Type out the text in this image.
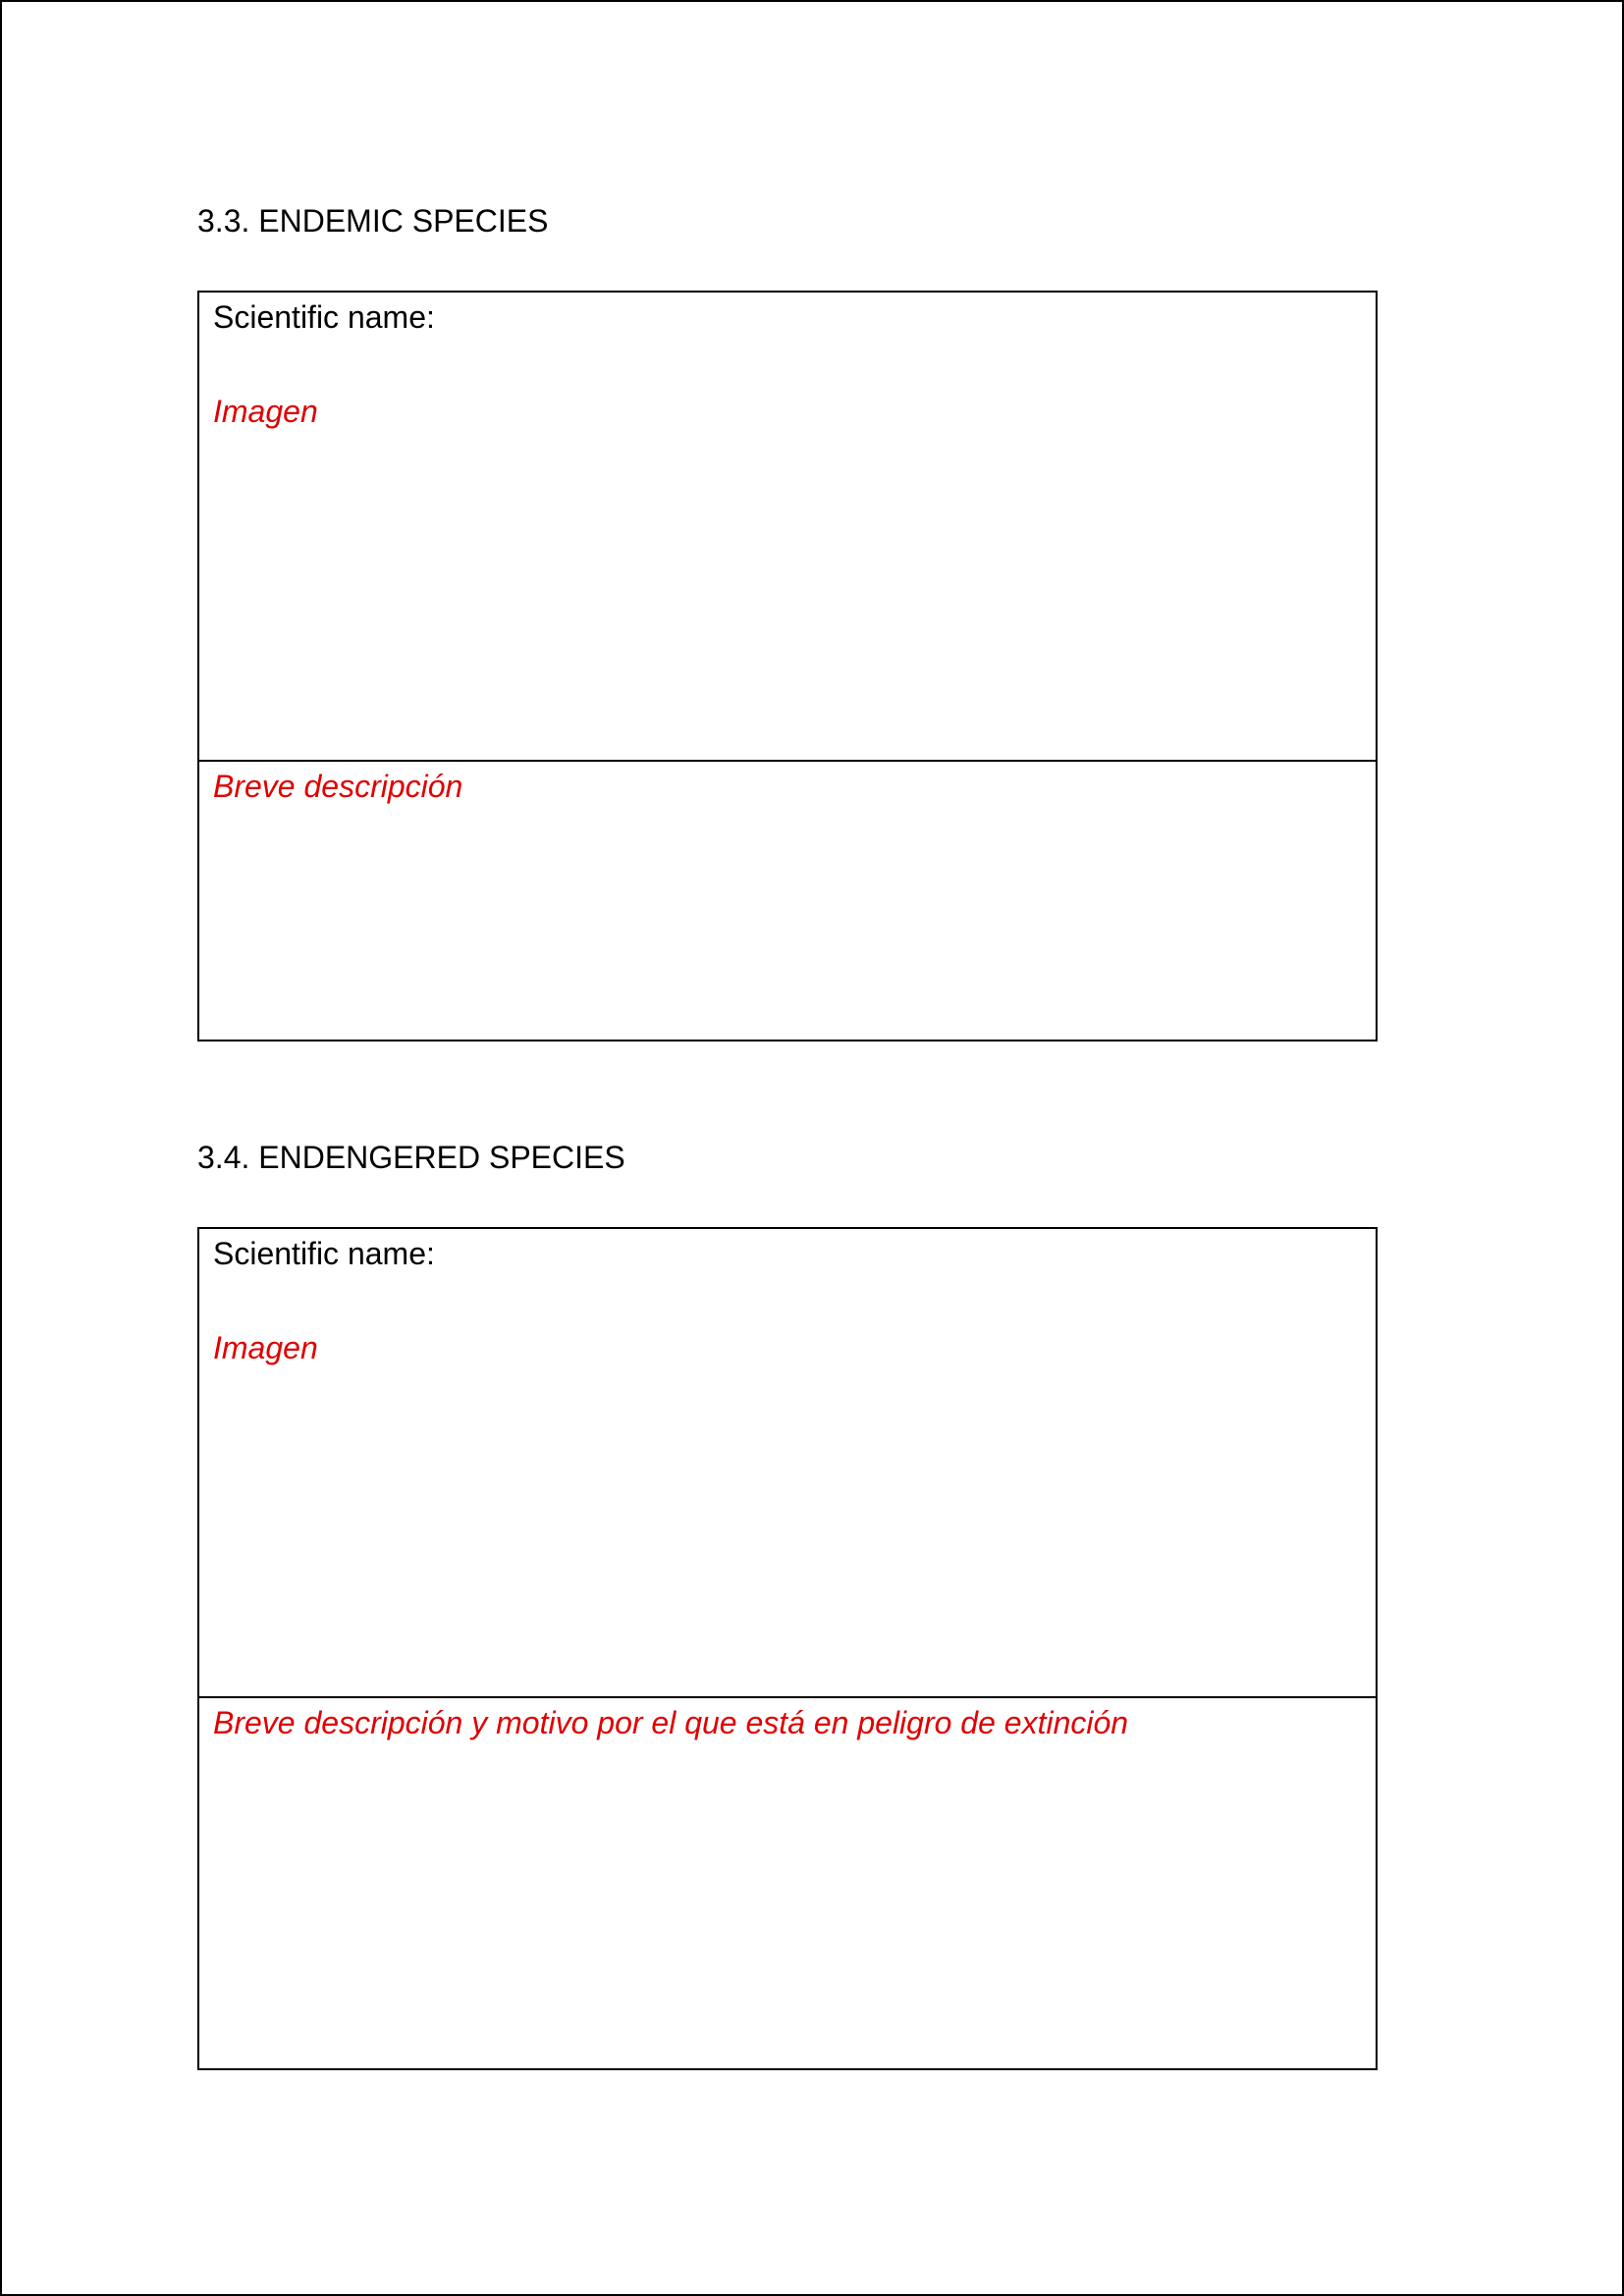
3.3. ENDEMIC SPECIES
Scientific name:
Imagen
Breve descripción
3.4. ENDENGERED SPECIES
Scientific name:
Imagen
Breve descripción y motivo por el que está en peligro de extinción
